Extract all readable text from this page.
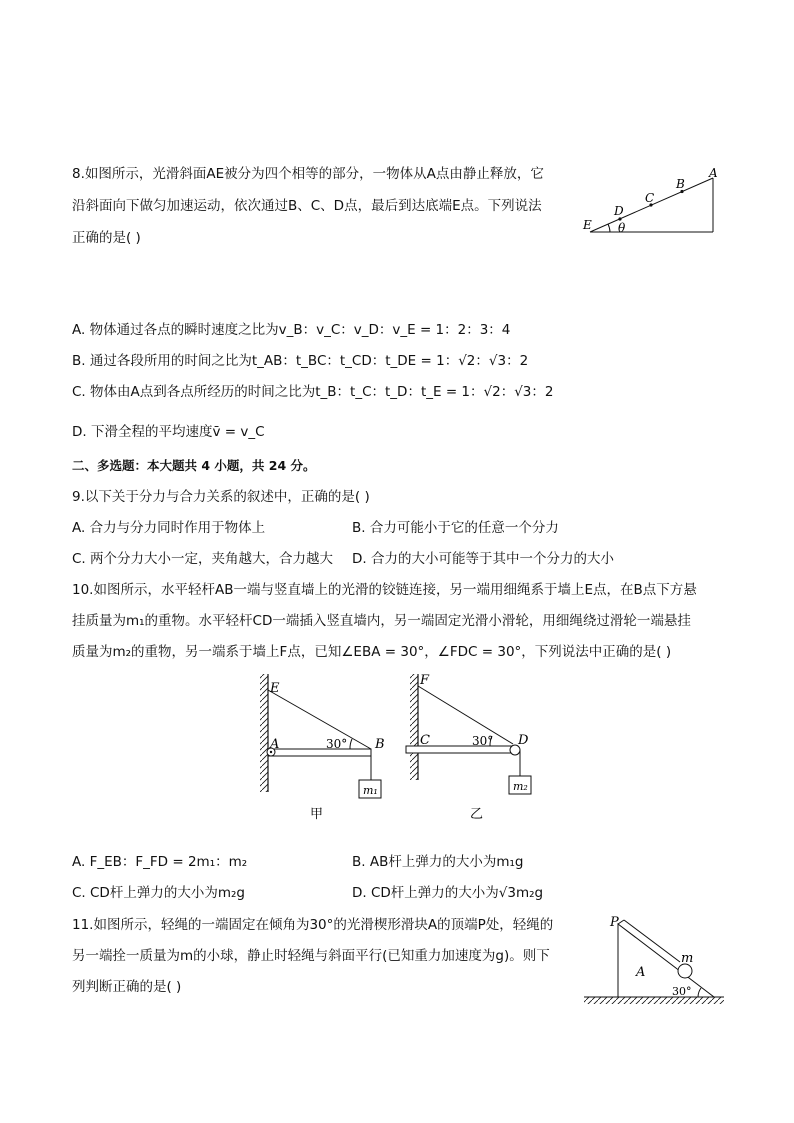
8.如图所示，光滑斜面AE被分为四个相等的部分，一物体从A点由静止释放，它
沿斜面向下做匀加速运动，依次通过B、C、D点，最后到达底端E点。下列说法
正确的是( )
A
B
C
D
E θ
A. 物体通过各点的瞬时速度之比为v_B：v_C：v_D：v_E = 1：2：3：4
B. 通过各段所用的时间之比为t_AB：t_BC：t_CD：t_DE = 1：√2：√3：2
C. 物体由A点到各点所经历的时间之比为t_B：t_C：t_D：t_E = 1：√2：√3：2
D. 下滑全程的平均速度v̄ = v_C
二、多选题：本大题共 4 小题，共 24 分。
9.以下关于分力与合力关系的叙述中，正确的是( )
A. 合力与分力同时作用于物体上	B. 合力可能小于它的任意一个分力
C. 两个分力大小一定，夹角越大，合力越大 D. 合力的大小可能等于其中一个分力的大小
10.如图所示，水平轻杆AB一端与竖直墙上的光滑的铰链连接，另一端用细绳系于墙上E点，在B点下方悬
挂质量为m₁的重物。水平轻杆CD一端插入竖直墙内，另一端固定光滑小滑轮，用细绳绕过滑轮一端悬挂
质量为m₂的重物，另一端系于墙上F点，已知∠EBA = 30°，∠FDC = 30°，下列说法中正确的是( )
E
A	B
30°
m₁
甲
F
C	D
30°
m₂
乙
A. F_EB：F_FD = 2m₁：m₂	B. AB杆上弹力的大小为m₁g
C. CD杆上弹力的大小为m₂g	D. CD杆上弹力的大小为√3m₂g
11.如图所示，轻绳的一端固定在倾角为30°的光滑楔形滑块A的顶端P处，轻绳的
另一端拴一质量为m的小球，静止时轻绳与斜面平行(已知重力加速度为g)。则下
列判断正确的是( )
P
A
m
30°
